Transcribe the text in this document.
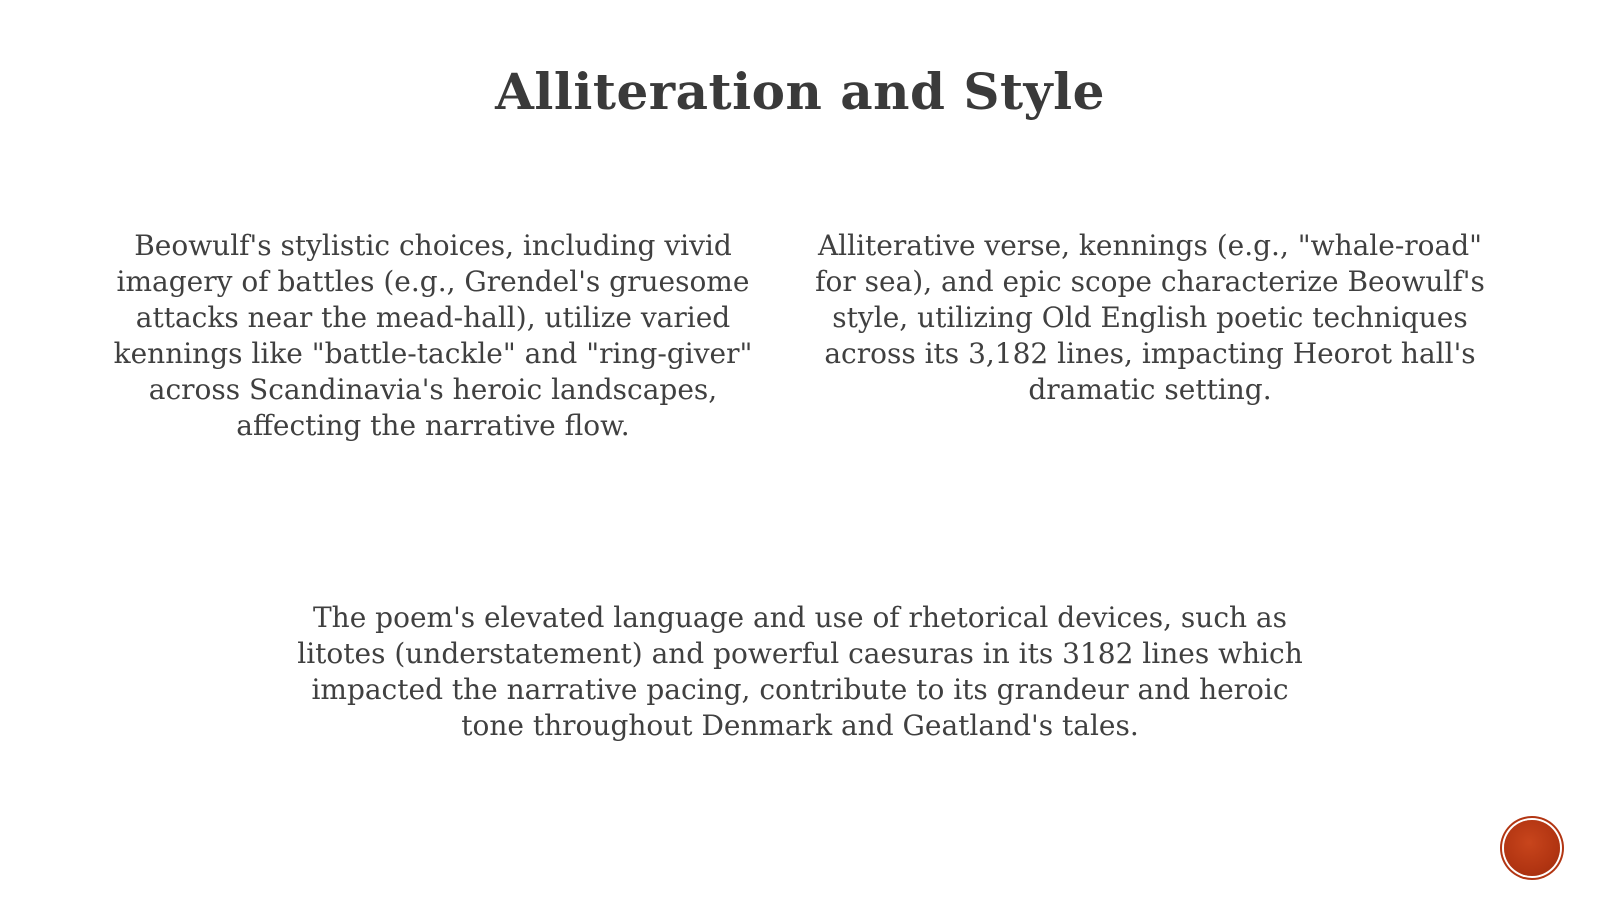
Alliteration and Style

Beowulf's stylistic choices, including vivid imagery of battles (e.g., Grendel's gruesome attacks near the mead-hall), utilize varied kennings like "battle-tackle" and "ring-giver" across Scandinavia's heroic landscapes, affecting the narrative flow.

Alliterative verse, kennings (e.g., "whale-road" for sea), and epic scope characterize Beowulf's style, utilizing Old English poetic techniques across its 3,182 lines, impacting Heorot hall's dramatic setting.

The poem's elevated language and use of rhetorical devices, such as litotes (understatement) and powerful caesuras in its 3182 lines which impacted the narrative pacing, contribute to its grandeur and heroic tone throughout Denmark and Geatland's tales.
